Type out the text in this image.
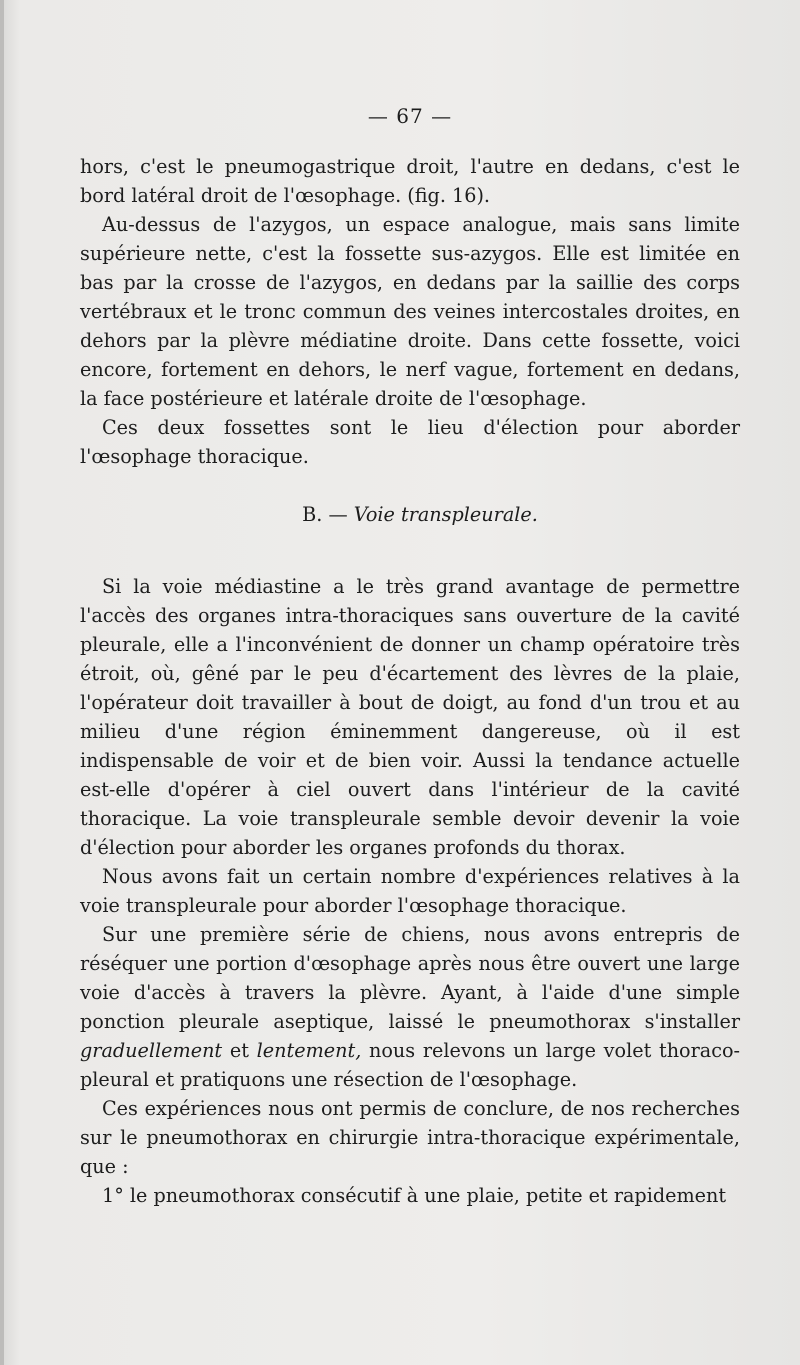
— 67 —

hors, c'est le pneumogastrique droit, l'autre en dedans, c'est le bord latéral droit de l'œsophage. (fig. 16).

Au-dessus de l'azygos, un espace analogue, mais sans limite supérieure nette, c'est la fossette sus-azygos. Elle est limitée en bas par la crosse de l'azygos, en dedans par la saillie des corps vertébraux et le tronc commun des veines intercostales droites, en dehors par la plèvre médiatine droite. Dans cette fossette, voici encore, fortement en dehors, le nerf vague, fortement en dedans, la face postérieure et latérale droite de l'œsophage.

Ces deux fossettes sont le lieu d'élection pour aborder l'œsophage thoracique.

B. — Voie transpleurale.

Si la voie médiastine a le très grand avantage de permettre l'accès des organes intra-thoraciques sans ouverture de la cavité pleurale, elle a l'inconvénient de donner un champ opératoire très étroit, où, gêné par le peu d'écartement des lèvres de la plaie, l'opérateur doit travailler à bout de doigt, au fond d'un trou et au milieu d'une région éminemment dangereuse, où il est indispensable de voir et de bien voir. Aussi la tendance actuelle est-elle d'opérer à ciel ouvert dans l'intérieur de la cavité thoracique. La voie transpleurale semble devoir devenir la voie d'élection pour aborder les organes profonds du thorax.

Nous avons fait un certain nombre d'expériences relatives à la voie transpleurale pour aborder l'œsophage thoracique.

Sur une première série de chiens, nous avons entrepris de réséquer une portion d'œsophage après nous être ouvert une large voie d'accès à travers la plèvre. Ayant, à l'aide d'une simple ponction pleurale aseptique, laissé le pneumothorax s'installer graduellement et lentement, nous relevons un large volet thoraco-pleural et pratiquons une résection de l'œsophage.

Ces expériences nous ont permis de conclure, de nos recherches sur le pneumothorax en chirurgie intra-thoracique expérimentale, que :

1° le pneumothorax consécutif à une plaie, petite et rapidement
